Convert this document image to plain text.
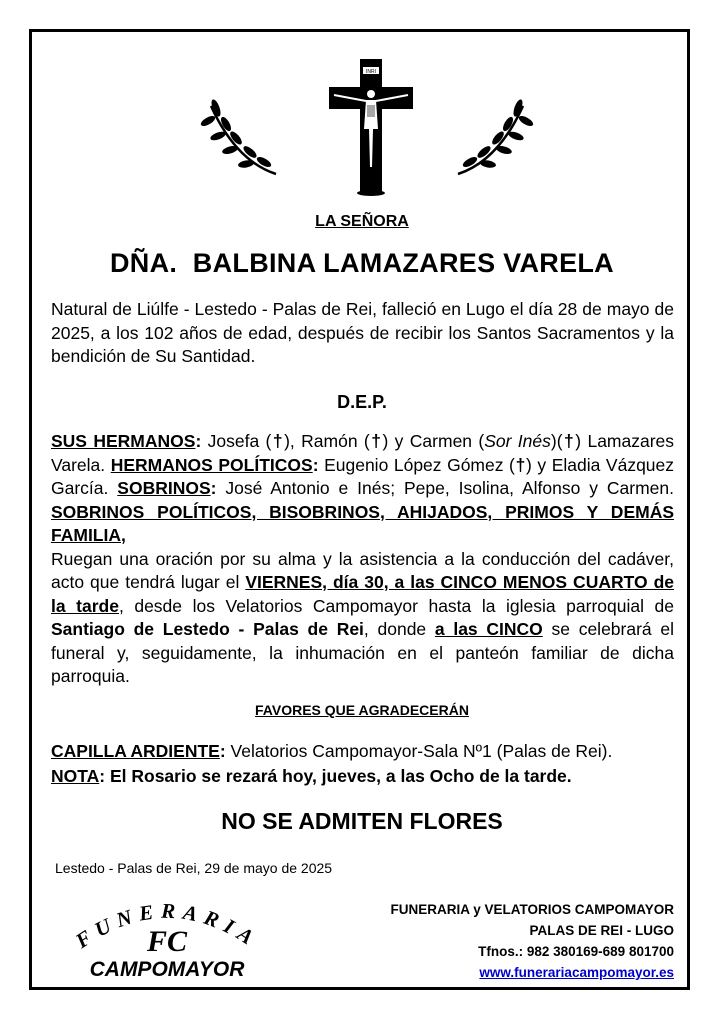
INRI
LA SEÑORA
DÑA.  BALBINA LAMAZARES VARELA
Natural de Liúlfe - Lestedo - Palas de Rei, falleció en Lugo el día 28 de mayo de 2025, a los 102 años de edad, después de recibir los Santos Sacramentos y la bendición de Su Santidad.
D.E.P.
SUS HERMANOS: Josefa (†), Ramón (†) y Carmen (Sor Inés)(†) Lamazares Varela. HERMANOS POLÍTICOS: Eugenio López Gómez (†) y Eladia Vázquez García. SOBRINOS: José Antonio e Inés; Pepe, Isolina, Alfonso y Carmen. SOBRINOS POLÍTICOS, BISOBRINOS, AHIJADOS, PRIMOS Y DEMÁS FAMILIA,
Ruegan una oración por su alma y la asistencia a la conducción del cadáver, acto que tendrá lugar el VIERNES, día 30, a las CINCO MENOS CUARTO de la tarde, desde los Velatorios Campomayor hasta la iglesia parroquial de Santiago de Lestedo - Palas de Rei, donde a las CINCO se celebrará el funeral y, seguidamente, la inhumación en el panteón familiar de dicha parroquia.
FAVORES QUE AGRADECERÁN
CAPILLA ARDIENTE: Velatorios Campomayor-Sala Nº1 (Palas de Rei).
NOTA: El Rosario se rezará hoy, jueves, a las Ocho de la tarde.
NO SE ADMITEN FLORES
Lestedo - Palas de Rei, 29 de mayo de 2025
FUNERARIA
FC
CAMPOMAYOR
FUNERARIA y VELATORIOS CAMPOMAYOR
PALAS DE REI - LUGO
Tfnos.: 982 380169-689 801700
www.funerariacampomayor.es
